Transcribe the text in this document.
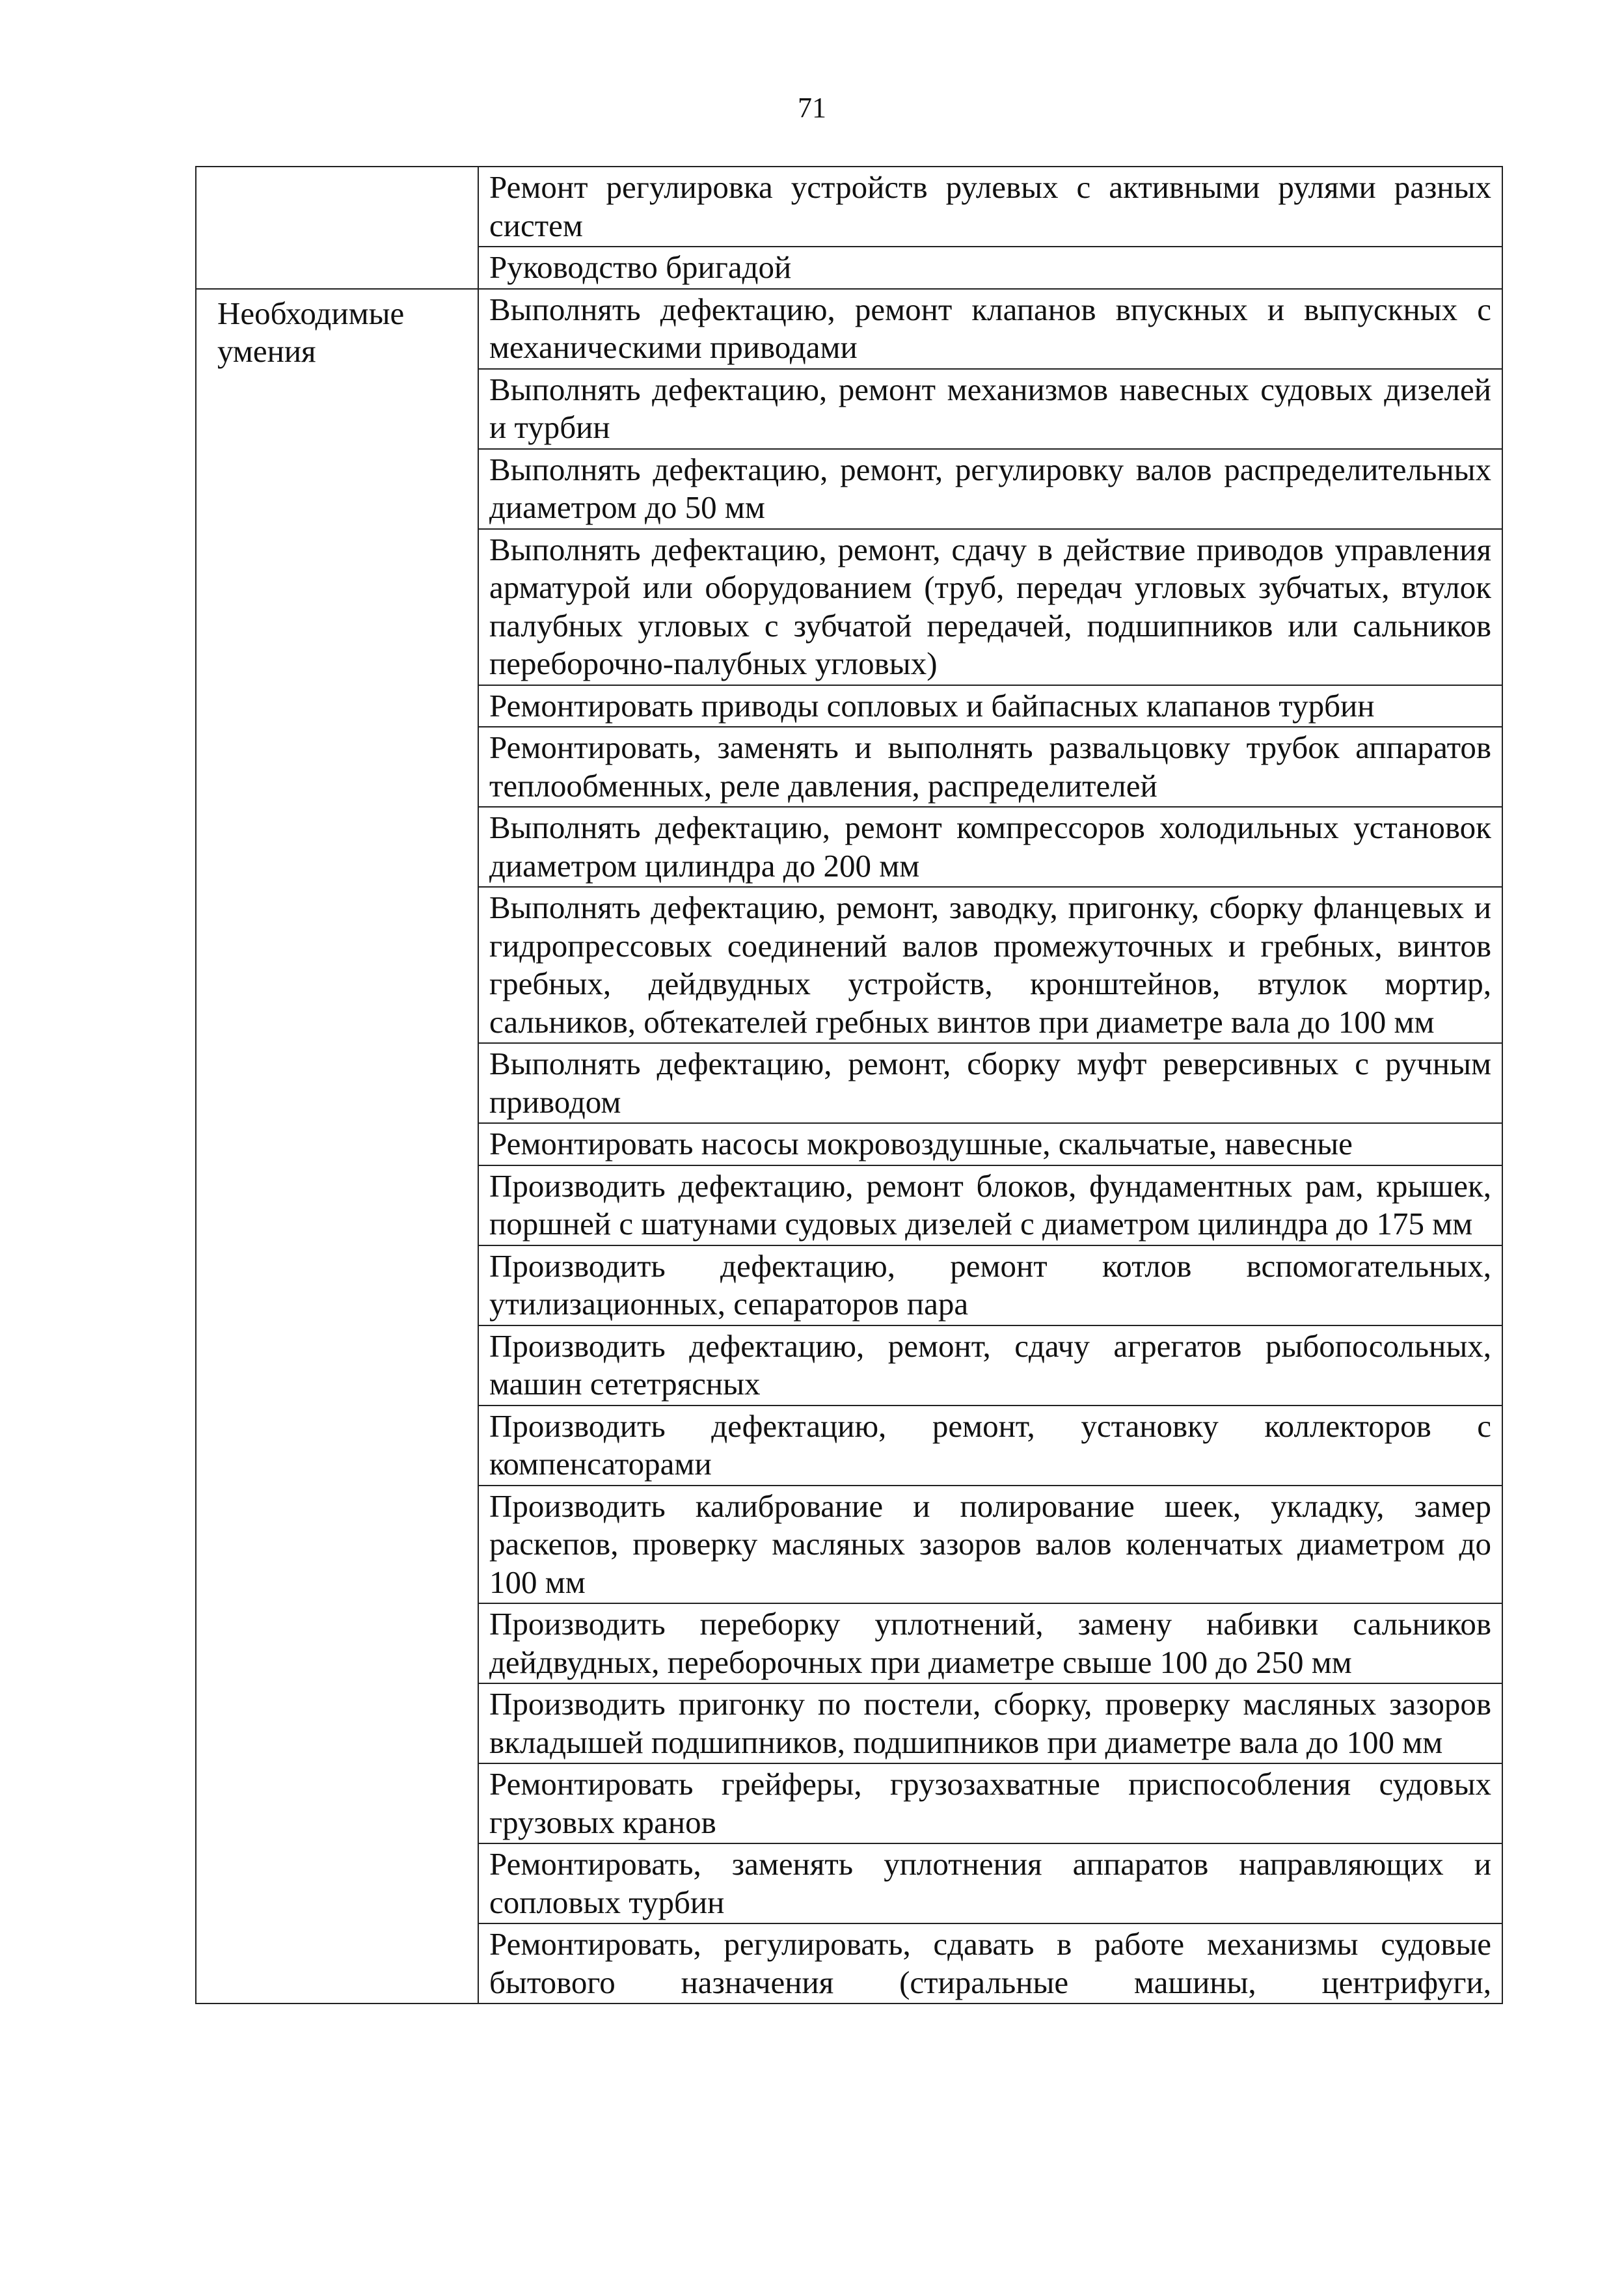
71
	Ремонт регулировка устройств рулевых с активными рулями разных систем
	Руководство бригадой
Необходимые умения	Выполнять дефектацию, ремонт клапанов впускных и выпускных с механическими приводами
	Выполнять дефектацию, ремонт механизмов навесных судовых дизелей и турбин
	Выполнять дефектацию, ремонт, регулировку валов распределительных диаметром до 50 мм
	Выполнять дефектацию, ремонт, сдачу в действие приводов управления арматурой или оборудованием (труб, передач угловых зубчатых, втулок палубных угловых с зубчатой передачей, подшипников или сальников переборочно-палубных угловых)
	Ремонтировать приводы сопловых и байпасных клапанов турбин
	Ремонтировать, заменять и выполнять развальцовку трубок аппаратов теплообменных, реле давления, распределителей
	Выполнять дефектацию, ремонт компрессоров холодильных установок диаметром цилиндра до 200 мм
	Выполнять дефектацию, ремонт, заводку, пригонку, сборку фланцевых и гидропрессовых соединений валов промежуточных и гребных, винтов гребных, дейдвудных устройств, кронштейнов, втулок мортир, сальников, обтекателей гребных винтов при диаметре вала до 100 мм
	Выполнять дефектацию, ремонт, сборку муфт реверсивных с ручным приводом
	Ремонтировать насосы мокровоздушные, скальчатые, навесные
	Производить дефектацию, ремонт блоков, фундаментных рам, крышек, поршней с шатунами судовых дизелей с диаметром цилиндра до 175 мм
	Производить дефектацию, ремонт котлов вспомогательных, утилизационных, сепараторов пара
	Производить дефектацию, ремонт, сдачу агрегатов рыбопосольных, машин сететрясных
	Производить дефектацию, ремонт, установку коллекторов с компенсаторами
	Производить калибрование и полирование шеек, укладку, замер раскепов, проверку масляных зазоров валов коленчатых диаметром до 100 мм
	Производить переборку уплотнений, замену набивки сальников дейдвудных, переборочных при диаметре свыше 100 до 250 мм
	Производить пригонку по постели, сборку, проверку масляных зазоров вкладышей подшипников, подшипников при диаметре вала до 100 мм
	Ремонтировать грейферы, грузозахватные приспособления судовых грузовых кранов
	Ремонтировать, заменять уплотнения аппаратов направляющих и сопловых турбин
	Ремонтировать, регулировать, сдавать в работе механизмы судовые бытового назначения (стиральные машины, центрифуги,
